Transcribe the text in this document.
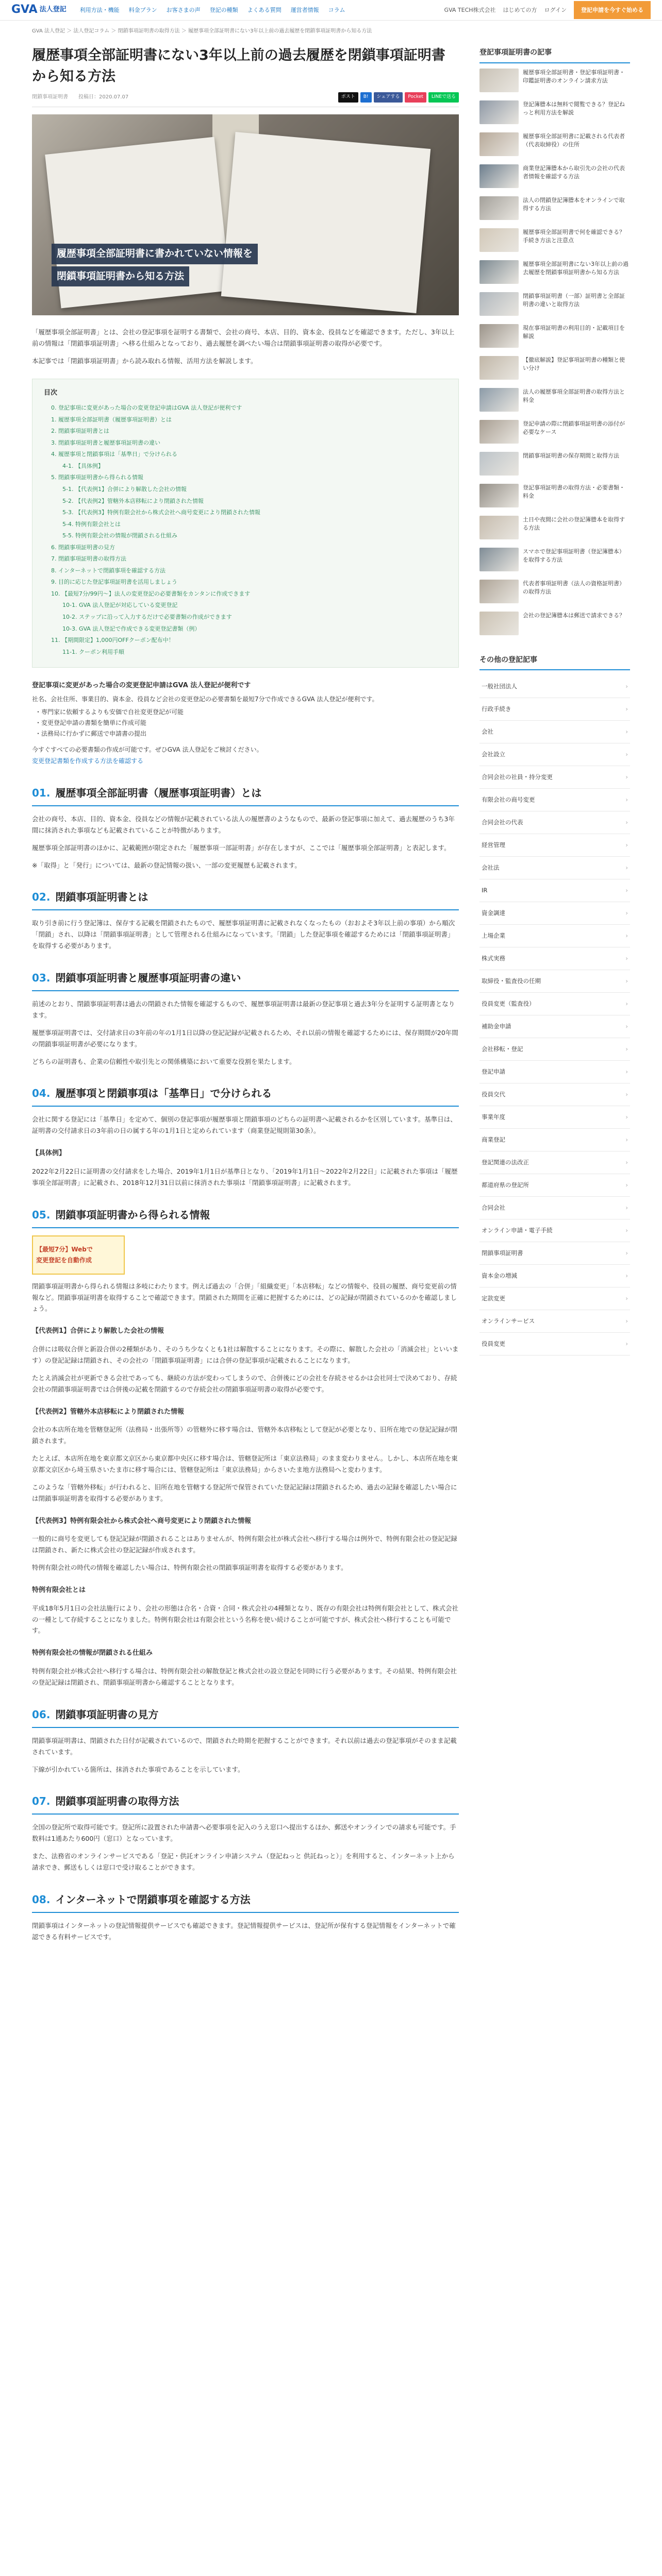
GVA 法人登記 利用方法・機能 料金プラン お客さまの声 登記の種類 よくある質問 運営者情報 コラム	GVA TECH株式会社 はじめての方 ログイン	登記申請を今すぐ始める
GVA 法人登記 ＞ 法人登記コラム ＞ 閉鎖事項証明書の取得方法 ＞ 履歴事項全部証明書にない3年以上前の過去履歴を閉鎖事項証明書から知る方法
履歴事項全部証明書にない3年以上前の過去履歴を閉鎖事項証明書から知る方法
閉鎖事項証明書 投稿日：2020.07.07	ポスト	B!	シェアする	Pocket	LINEで送る
履歴事項全部証明書に書かれていない情報を
閉鎖事項証明書から知る方法

「履歴事項全部証明書」とは、会社の登記事項を証明する書類で、会社の商号、本店、目的、資本金、役員などを確認できます。ただし、3年以上前の情報は「閉鎖事項証明書」へ移る仕組みとなっており、過去履歴を調べたい場合は閉鎖事項証明書の取得が必要です。

本記事では「閉鎖事項証明書」から読み取れる情報、活用方法を解説します。

目次
0. 登記事項に変更があった場合の変更登記申請はGVA 法人登記が便利です
1. 履歴事項全部証明書（履歴事項証明書）とは
2. 閉鎖事項証明書とは
3. 閉鎖事項証明書と履歴事項証明書の違い
4. 履歴事項と閉鎖事項は「基準日」で分けられる
4-1. 【具体例】
5. 閉鎖事項証明書から得られる情報
5-1. 【代表例1】合併により解散した会社の情報
5-2. 【代表例2】管轄外本店移転により閉鎖された情報
5-3. 【代表例3】特例有限会社から株式会社へ商号変更により閉鎖された情報
5-4. 特例有限会社とは
5-5. 特例有限会社の情報が閉鎖される仕組み
6. 閉鎖事項証明書の見方
7. 閉鎖事項証明書の取得方法
8. インターネットで閉鎖事項を確認する方法
9. 目的に応じた登記事項証明書を活用しましょう
10. 【最短7分/99円〜】法人の変更登記の必要書類をカンタンに作成できます
10-1. GVA 法人登記が対応している変更登記
10-2. ステップに沿って入力するだけで必要書類の作成ができます
10-3. GVA 法人登記で作成できる変更登記書類（例）
11. 【期間限定】1,000円OFFクーポン配布中！
11-1. クーポン利用手順
登記事項に変更があった場合の変更登記申請はGVA 法人登記が便利です

社名、会社住所、事業目的、資本金、役員など会社の変更登記の必要書類を最短7分で作成できるGVA 法人登記が便利です。

・専門家に依頼するよりも安価で自社変更登記が可能
・変更登記申請の書類を簡単に作成可能
・法務局に行かずに郵送で申請書の提出
今すぐすべての必要書類の作成が可能です。ぜひGVA 法人登記をご検討ください。
変更登記書類を作成する方法を確認する
01. 履歴事項全部証明書（履歴事項証明書）とは

会社の商号、本店、目的、資本金、役員などの情報が記載されている法人の履歴書のようなもので、最新の登記事項に加えて、過去履歴のうち3年間に抹消された事項なども記載されていることが特徴があります。

履歴事項全部証明書のほかに、記載範囲が限定された「履歴事項一部証明書」が存在しますが、ここでは「履歴事項全部証明書」と表記します。

※「取得」と「発行」については、最新の登記情報の扱い、一部の変更履歴も記載されます。

02. 閉鎖事項証明書とは

取り引き前に行う登記簿は、保存する記載を閉鎖されたもので、履歴事項証明書に記載されなくなったもの（おおよそ3年以上前の事項）から順次「閉鎖」され、以降は「閉鎖事項証明書」として管理される仕組みになっています。「閉鎖」した登記事項を確認するためには「閉鎖事項証明書」を取得する必要があります。

03. 閉鎖事項証明書と履歴事項証明書の違い

前述のとおり、閉鎖事項証明書は過去の閉鎖された情報を確認するもので、履歴事項証明書は最新の登記事項と過去3年分を証明する証明書となります。

履歴事項証明書では、交付請求日の3年前の年の1月1日以降の登記記録が記載されるため、それ以前の情報を確認するためには、保存期間が20年間の閉鎖事項証明書が必要になります。

どちらの証明書も、企業の信頼性や取引先との関係構築において重要な役割を果たします。

04. 履歴事項と閉鎖事項は「基準日」で分けられる

会社に関する登記には「基準日」を定めて、個別の登記事項が履歴事項と閉鎖事項のどちらの証明書へ記載されるかを区別しています。基準日は、証明書の交付請求日の3年前の日の属する年の1月1日と定められています（商業登記規則第30条）。

【具体例】

2022年2月22日に証明書の交付請求をした場合、2019年1月1日が基準日となり、「2019年1月1日〜2022年2月22日」に記載された事項は「履歴事項全部証明書」に記載され、2018年12月31日以前に抹消された事項は「閉鎖事項証明書」に記載されます。

05. 閉鎖事項証明書から得られる情報
【最短7分】Webで
変更登記を自動作成

閉鎖事項証明書から得られる情報は多岐にわたります。例えば過去の「合併」「組織変更」「本店移転」などの情報や、役員の履歴、商号変更前の情報など。閉鎖事項証明書を取得することで確認できます。閉鎖された期間を正確に把握するためには、どの記録が閉鎖されているのかを確認しましょう。

【代表例1】合併により解散した会社の情報

合併には吸収合併と新設合併の2種類があり、そのうち少なくとも1社は解散することになります。その際に、解散した会社の「消滅会社」といいます）の登記記録は閉鎖され、その会社の「閉鎖事項証明書」には合併の登記事項が記載されることになります。

たとえ消滅会社が更新できる会社であっても、継続の方法が変わってしまうので、合併後にどの会社を存続させるかは会社同士で決めており、存続会社の閉鎖事項証明書では合併後の記載を閉鎖するので存続会社の閉鎖事項証明書の取得が必要です。

【代表例2】管轄外本店移転により閉鎖された情報

会社の本店所在地を管轄登記所（法務局・出張所等）の管轄外に移す場合は、管轄外本店移転として登記が必要となり、旧所在地での登記記録が閉鎖されます。

たとえば、本店所在地を東京都文京区から東京都中央区に移す場合は、管轄登記所は「東京法務局」のまま変わりません。しかし、本店所在地を東京都文京区から埼玉県さいたま市に移す場合には、管轄登記所は「東京法務局」からさいたま地方法務局へと変わります。

このような「管轄外移転」が行われると、旧所在地を管轄する登記所で保管されていた登記記録は閉鎖されるため、過去の記録を確認したい場合には閉鎖事項証明書を取得する必要があります。

【代表例3】特例有限会社から株式会社へ商号変更により閉鎖された情報

一般的に商号を変更しても登記記録が閉鎖されることはありませんが、特例有限会社が株式会社へ移行する場合は例外で、特例有限会社の登記記録は閉鎖され、新たに株式会社の登記記録が作成されます。

特例有限会社の時代の情報を確認したい場合は、特例有限会社の閉鎖事項証明書を取得する必要があります。

特例有限会社とは

平成18年5月1日の会社法施行により、会社の形態は合名・合資・合同・株式会社の4種類となり、既存の有限会社は特例有限会社として、株式会社の一種として存続することになりました。特例有限会社は有限会社という名称を使い続けることが可能ですが、株式会社へ移行することも可能です。

特例有限会社の情報が閉鎖される仕組み

特例有限会社が株式会社へ移行する場合は、特例有限会社の解散登記と株式会社の設立登記を同時に行う必要があります。その結果、特例有限会社の登記記録は閉鎖され、閉鎖事項証明書から確認することとなります。

06. 閉鎖事項証明書の見方

閉鎖事項証明書は、閉鎖された日付が記載されているので、閉鎖された時期を把握することができます。それ以前は過去の登記事項がそのまま記載されています。

下線が引かれている箇所は、抹消された事項であることを示しています。

07. 閉鎖事項証明書の取得方法

全国の登記所で取得可能です。登記所に設置された申請書へ必要事項を記入のうえ窓口へ提出するほか、郵送やオンラインでの請求も可能です。手数料は1通あたり600円（窓口）となっています。

また、法務省のオンラインサービスである「登記・供託オンライン申請システム（登記ねっと 供託ねっと）」を利用すると、インターネット上から請求でき、郵送もしくは窓口で受け取ることができます。

08. インターネットで閉鎖事項を確認する方法

閉鎖事項はインターネットの登記情報提供サービスでも確認できます。登記情報提供サービスは、登記所が保有する登記情報をインターネットで確認できる有料サービスです。

登記事項証明書の記事
履歴事項全部証明書・登記事項証明書・印鑑証明書のオンライン請求方法
登記簿謄本は無料で閲覧できる？登記ねっと利用方法を解説
履歴事項全部証明書に記載される代表者（代表取締役）の住所
商業登記簿謄本から取引先の会社の代表者情報を確認する方法
法人の閉鎖登記簿謄本をオンラインで取得する方法
履歴事項全部証明書で何を確認できる？手続き方法と注意点
履歴事項全部証明書にない3年以上前の過去履歴を閉鎖事項証明書から知る方法
閉鎖事項証明書（一部）証明書と全部証明書の違いと取得方法
現在事項証明書の利用目的・記載項目を解説
【徹底解説】登記事項証明書の種類と使い分け
法人の履歴事項全部証明書の取得方法と料金
登記申請の際に閉鎖事項証明書の添付が必要なケース
閉鎖事項証明書の保存期間と取得方法
登記事項証明書の取得方法・必要書類・料金
土日や夜間に会社の登記簿謄本を取得する方法
スマホで登記事項証明書（登記簿謄本）を取得する方法
代表者事項証明書（法人の資格証明書）の取得方法
会社の登記簿謄本は郵送で請求できる？
その他の登記記事
一般社団法人	›
行政手続き	›
会社	›
会社設立	›
合同会社の社員・持分変更	›
有限会社の商号変更	›
合同会社の代表	›
経営管理	›
会社法	›
IR	›
資金調達	›
上場企業	›
株式実務	›
取締役・監査役の任期	›
役員変更（監査役）	›
補助金申請	›
会社移転・登記	›
登記申請	›
役員交代	›
事業年度	›
商業登記	›
登記関連の法改正	›
都道府県の登記所	›
合同会社	›
オンライン申請・電子手続	›
閉鎖事項証明書	›
資本金の増減	›
定款変更	›
オンラインサービス	›
役員変更	›
